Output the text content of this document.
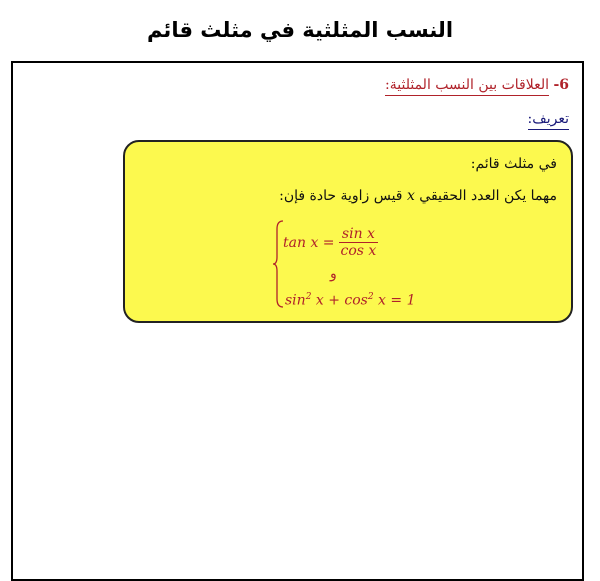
النسب المثلثية في مثلث قائم
6- العلاقات بين النسب المثلثية:
تعريف:
في مثلث قائم:
مهما يكن العدد الحقيقي x قيس زاوية حادة فإن:
$\tan x = \frac{\text{sin x}}{\text{cos x}}$
و
$\sin^2 x + \cos^2 x = 1$
